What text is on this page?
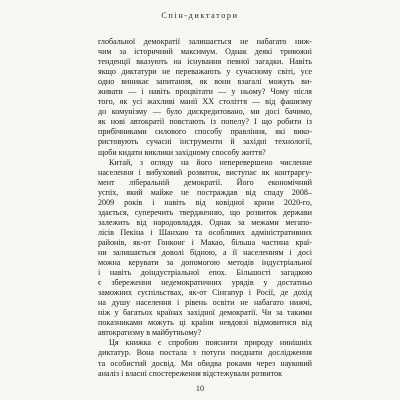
Спін-диктатори
глобальної демократії залишається не набагато ниж-
чим за історичний максимум. Однак деякі тривожні
тенденції вказують на існування певної загадки. Навіть
якщо диктатури не переважають у сучасному світі, усе
одно виникає запитання, як вони взагалі можуть ви-
живати — і навіть процвітати — у ньому? Чому після
того, як усі жахливі манії XX століття — від фашизму
до комунізму — було дискредитовано, ми досі бачимо,
як нові автократії повстають із попелу? І що робити із
прибічниками силового способу правління, які вико-
ристовують сучасні інструменти й західні технології,
щоби кидати виклики західному способу життя?
Китай, з огляду на його неперевершено численне
населення і вибуховий розвиток, виступає як контраргу-
мент ліберальній демократії. Його економічний
успіх, який майже не постраждав від спаду 2008–
2009 років і навіть від ковідної кризи 2020-го,
здається, суперечить твердженню, що розвиток держави
залежить від народовладдя. Однак за межами мегапо-
лісів Пекіна і Шанхаю та особливих адміністративних
районів, як-от Гонконг і Макао, більша частина краї-
ни залишається доволі бідною, а її населенням і досі
можна керувати за допомогою методів індустріальної
і навіть доіндустріальної епох. Більшості загадкою
є збереження недемократичних урядів у достатньо
заможних суспільствах, як-от Сінгапур і Росії, де дохід
на душу населення і рівень освіти не набагато нижчі,
ніж у багатьох країнах західної демократії. Чи за такими
показниками можуть ці країни невдовзі відмовитися від
автократизму в майбутньому?
Ця книжка є спробою пояснити природу нинішніх
диктатур. Вона постала з потуги поєднати дослідження
та особистий досвід. Ми обидва роками через науковий
аналіз і власні спостереження відстежували розвиток
10
